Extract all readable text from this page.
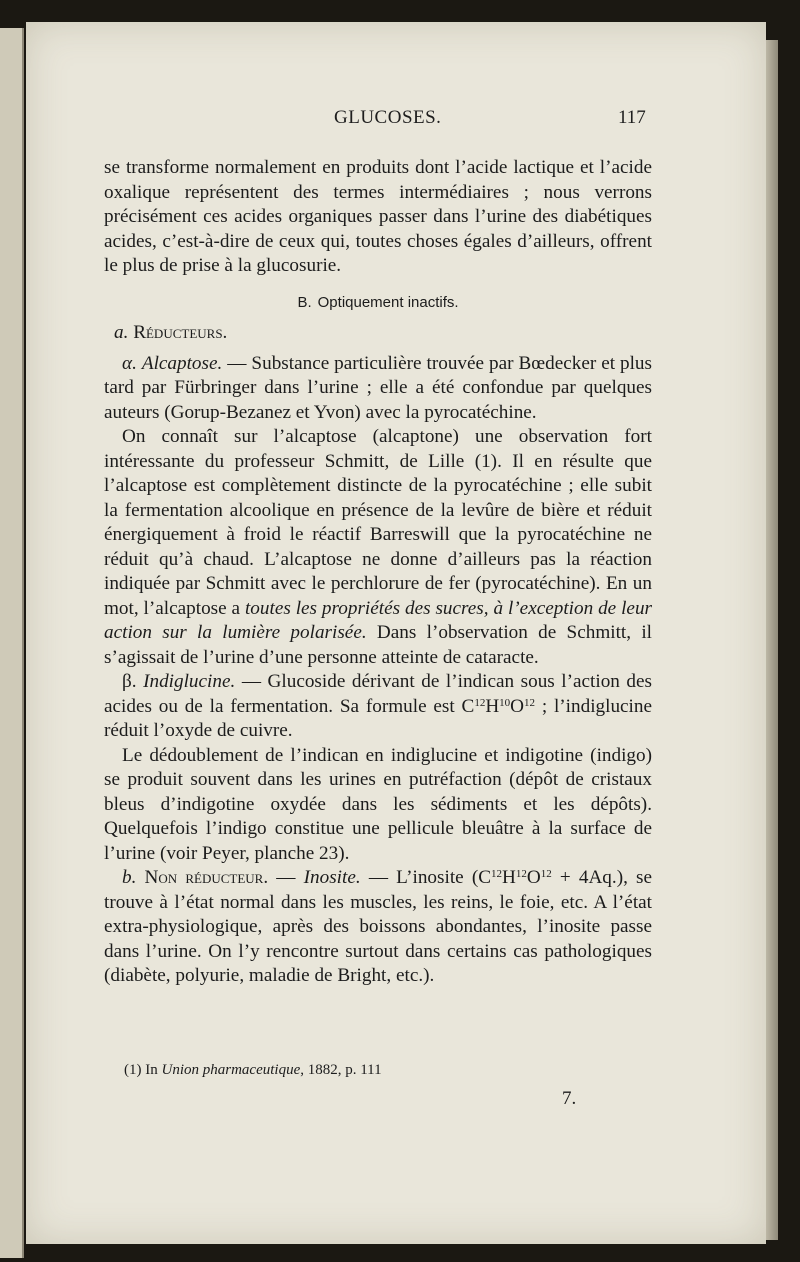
GLUCOSES.	117

se transforme normalement en produits dont l’acide lactique et l’acide oxalique représentent des termes intermédiaires ; nous verrons précisément ces acides organiques passer dans l’urine des diabétiques acides, c’est-à-dire de ceux qui, toutes choses égales d’ailleurs, offrent le plus de prise à la glucosurie.

B. Optiquement inactifs.

a. Réducteurs.

α. Alcaptose. — Substance particulière trouvée par Bœdecker et plus tard par Fürbringer dans l’urine ; elle a été confondue par quelques auteurs (Gorup-Bezanez et Yvon) avec la pyrocatéchine.

On connaît sur l’alcaptose (alcaptone) une observation fort intéressante du professeur Schmitt, de Lille (1). Il en résulte que l’alcaptose est complètement distincte de la pyrocatéchine ; elle subit la fermentation alcoolique en présence de la levûre de bière et réduit énergiquement à froid le réactif Barreswill que la pyrocatéchine ne réduit qu’à chaud. L’alcaptose ne donne d’ailleurs pas la réaction indiquée par Schmitt avec le perchlorure de fer (pyrocatéchine). En un mot, l’alcaptose a toutes les propriétés des sucres, à l’exception de leur action sur la lumière polarisée. Dans l’observation de Schmitt, il s’agissait de l’urine d’une personne atteinte de cataracte.

β. Indiglucine. — Glucoside dérivant de l’indican sous l’action des acides ou de la fermentation. Sa formule est $C^{12}H^{10}O^{12}$ ; l’indiglucine réduit l’oxyde de cuivre.

Le dédoublement de l’indican en indiglucine et indigotine (indigo) se produit souvent dans les urines en putréfaction (dépôt de cristaux bleus d’indigotine oxydée dans les sédiments et les dépôts). Quelquefois l’indigo constitue une pellicule bleuâtre à la surface de l’urine (voir Peyer, planche 23).

b. Non réducteur. — Inosite. — L’inosite $(C^{12}H^{12}O^{12} + 4Aq.)$, se trouve à l’état normal dans les muscles, les reins, le foie, etc. A l’état extra-physiologique, après des boissons abondantes, l’inosite passe dans l’urine. On l’y rencontre surtout dans certains cas pathologiques (diabète, polyurie, maladie de Bright, etc.).

(1) In Union pharmaceutique, 1882, p. 111
7.
